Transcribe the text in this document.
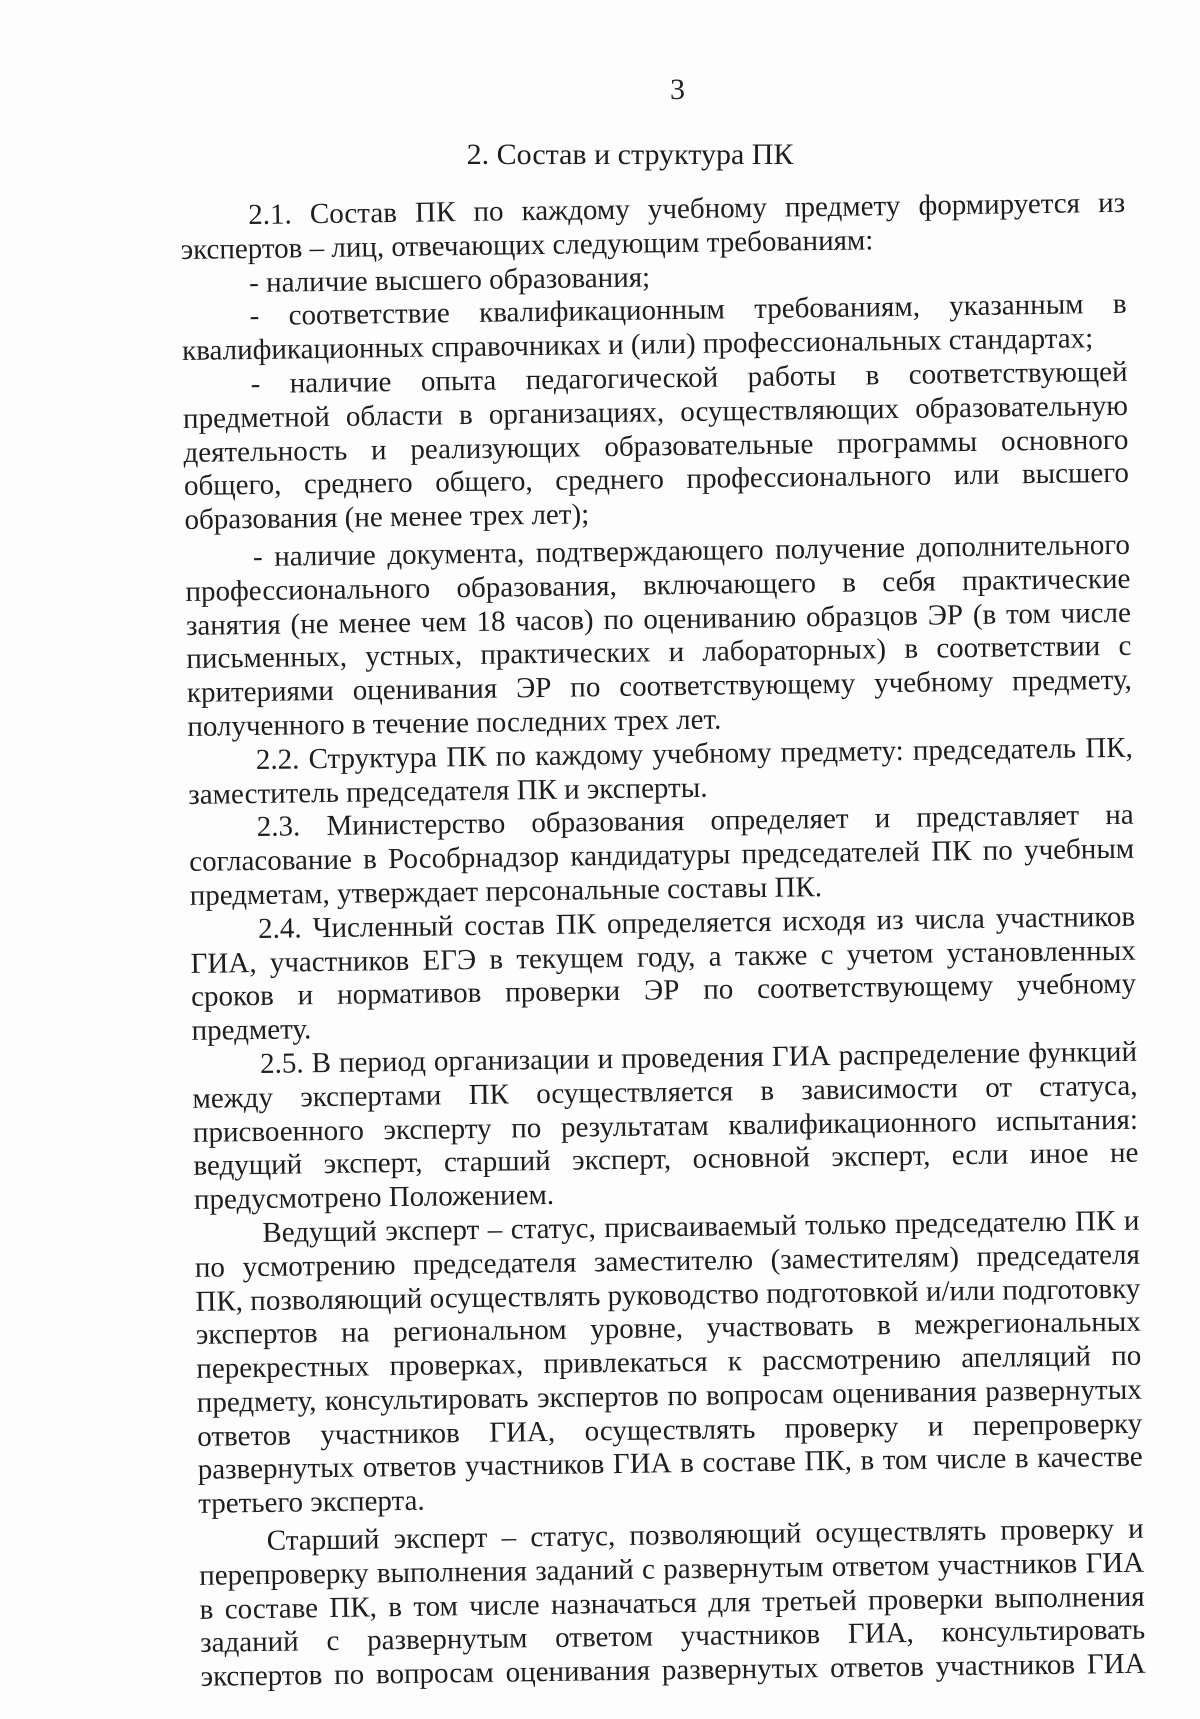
3
2. Состав и структура ПК

2.1. Состав ПК по каждому учебному предмету формируется из экспертов – лиц, отвечающих следующим требованиям:

- наличие высшего образования;

- соответствие квалификационным требованиям, указанным в квалификационных справочниках и (или) профессиональных стандартах;

- наличие опыта педагогической работы в соответствующей предметной области в организациях, осуществляющих образовательную деятельность и реализующих образовательные программы основного общего, среднего общего, среднего профессионального или высшего образования (не менее трех лет);

- наличие документа, подтверждающего получение дополнительного профессионального образования, включающего в себя практические занятия (не менее чем 18 часов) по оцениванию образцов ЭР (в том числе письменных, устных, практических и лабораторных) в соответствии с критериями оценивания ЭР по соответствующему учебному предмету, полученного в течение последних трех лет.

2.2. Структура ПК по каждому учебному предмету: председатель ПК, заместитель председателя ПК и эксперты.

2.3. Министерство образования определяет и представляет на согласование в Рособрнадзор кандидатуры председателей ПК по учебным предметам, утверждает персональные составы ПК.

2.4. Численный состав ПК определяется исходя из числа участников ГИА, участников ЕГЭ в текущем году, а также с учетом установленных сроков и нормативов проверки ЭР по соответствующему учебному предмету.

2.5. В период организации и проведения ГИА распределение функций между экспертами ПК осуществляется в зависимости от статуса, присвоенного эксперту по результатам квалификационного испытания: ведущий эксперт, старший эксперт, основной эксперт, если иное не предусмотрено Положением.

Ведущий эксперт – статус, присваиваемый только председателю ПК и по усмотрению председателя заместителю (заместителям) председателя ПК, позволяющий осуществлять руководство подготовкой и/или подготовку экспертов на региональном уровне, участвовать в межрегиональных перекрестных проверках, привлекаться к рассмотрению апелляций по предмету, консультировать экспертов по вопросам оценивания развернутых ответов участников ГИА, осуществлять проверку и перепроверку развернутых ответов участников ГИА в составе ПК, в том числе в качестве третьего эксперта.

Старший эксперт – статус, позволяющий осуществлять проверку и перепроверку выполнения заданий с развернутым ответом участников ГИА в составе ПК, в том числе назначаться для третьей проверки выполнения заданий с развернутым ответом участников ГИА, консультировать экспертов по вопросам оценивания развернутых ответов участников ГИА
